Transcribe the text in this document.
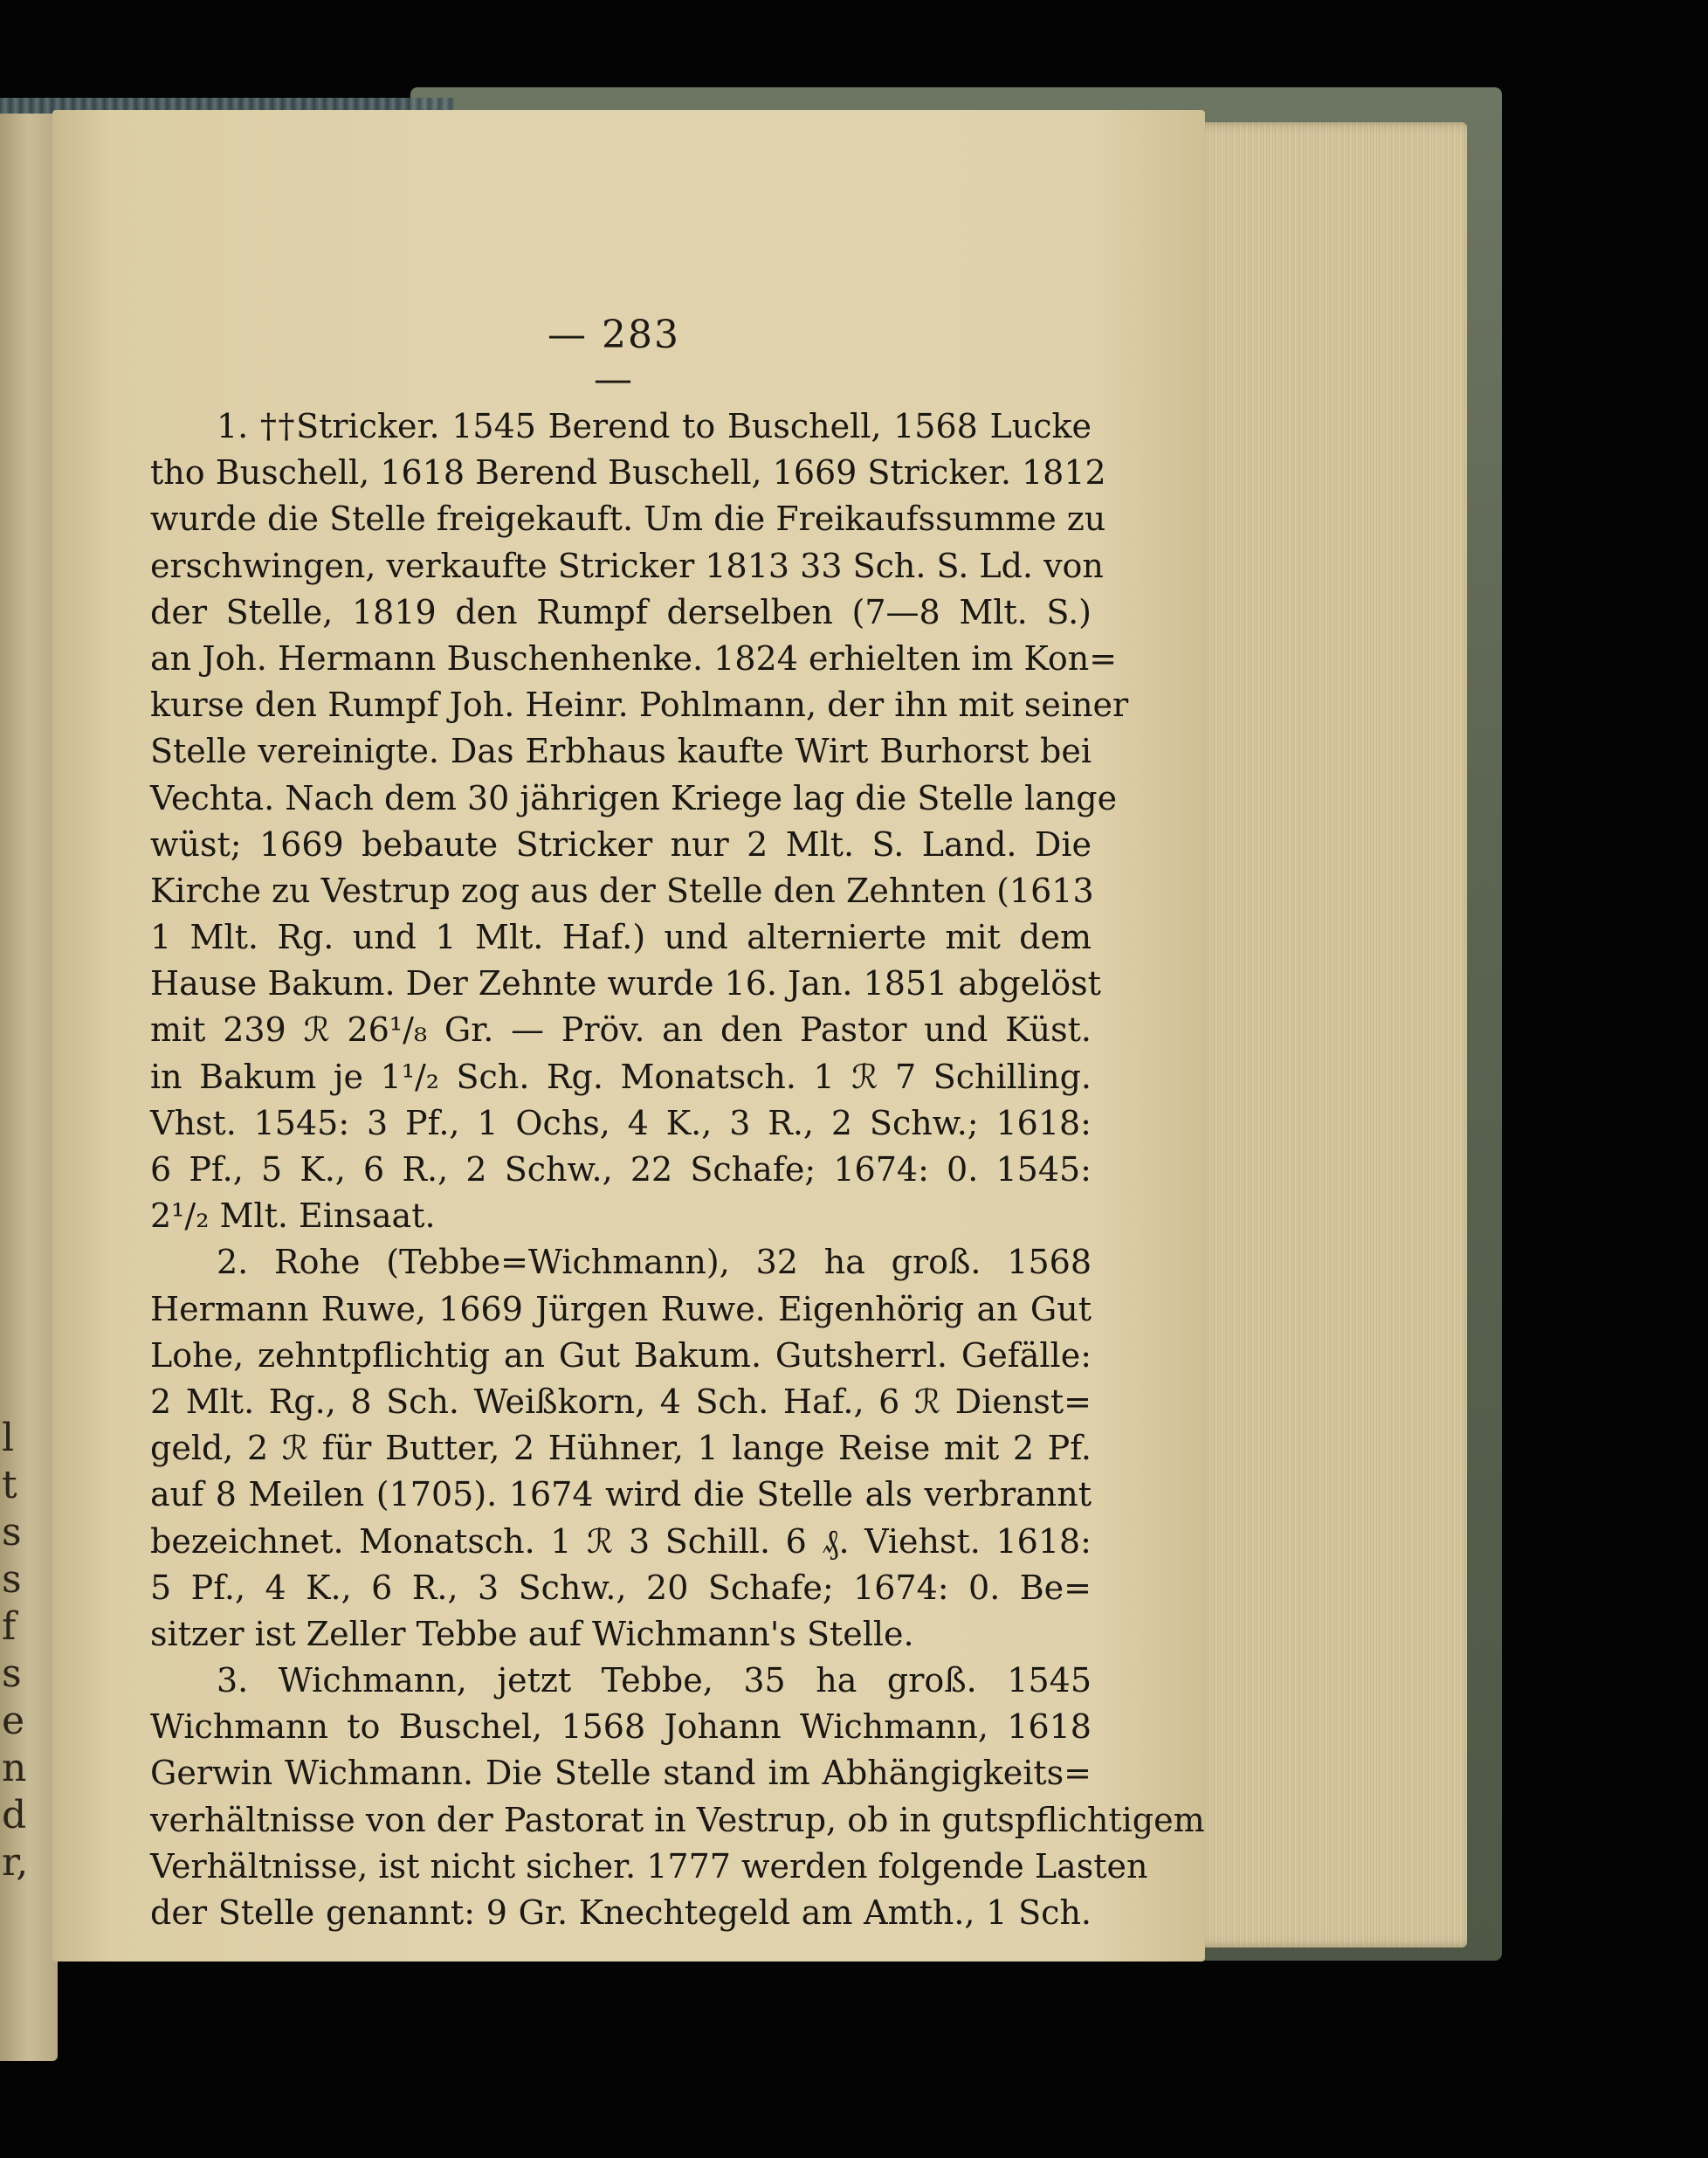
l
t
s
s
f
s
e
n
d
r,
— 283 —
1. ††Stricker. 1545 Berend to Buschell, 1568 Lucke
tho Buschell, 1618 Berend Buschell, 1669 Stricker. 1812
wurde die Stelle freigekauft. Um die Freikaufssumme zu
erschwingen, verkaufte Stricker 1813 33 Sch. S. Ld. von
der Stelle, 1819 den Rumpf derselben (7—8 Mlt. S.)
an Joh. Hermann Buschenhenke. 1824 erhielten im Kon=
kurse den Rumpf Joh. Heinr. Pohlmann, der ihn mit seiner
Stelle vereinigte. Das Erbhaus kaufte Wirt Burhorst bei
Vechta. Nach dem 30 jährigen Kriege lag die Stelle lange
wüst; 1669 bebaute Stricker nur 2 Mlt. S. Land. Die
Kirche zu Vestrup zog aus der Stelle den Zehnten (1613
1 Mlt. Rg. und 1 Mlt. Haf.) und alternierte mit dem
Hause Bakum. Der Zehnte wurde 16. Jan. 1851 abgelöst
mit 239 ℛ 26¹/₈ Gr. — Pröv. an den Pastor und Küst.
in Bakum je 1¹/₂ Sch. Rg. Monatsch. 1 ℛ 7 Schilling.
Vhst. 1545: 3 Pf., 1 Ochs, 4 K., 3 R., 2 Schw.; 1618:
6 Pf., 5 K., 6 R., 2 Schw., 22 Schafe; 1674: 0. 1545:
2¹/₂ Mlt. Einsaat.
2. Rohe (Tebbe=Wichmann), 32 ha groß. 1568
Hermann Ruwe, 1669 Jürgen Ruwe. Eigenhörig an Gut
Lohe, zehntpflichtig an Gut Bakum. Gutsherrl. Gefälle:
2 Mlt. Rg., 8 Sch. Weißkorn, 4 Sch. Haf., 6 ℛ Dienst=
geld, 2 ℛ für Butter, 2 Hühner, 1 lange Reise mit 2 Pf.
auf 8 Meilen (1705). 1674 wird die Stelle als verbrannt
bezeichnet. Monatsch. 1 ℛ 3 Schill. 6 ₰. Viehst. 1618:
5 Pf., 4 K., 6 R., 3 Schw., 20 Schafe; 1674: 0. Be=
sitzer ist Zeller Tebbe auf Wichmann's Stelle.
3. Wichmann, jetzt Tebbe, 35 ha groß. 1545
Wichmann to Buschel, 1568 Johann Wichmann, 1618
Gerwin Wichmann. Die Stelle stand im Abhängigkeits=
verhältnisse von der Pastorat in Vestrup, ob in gutspflichtigem
Verhältnisse, ist nicht sicher. 1777 werden folgende Lasten
der Stelle genannt: 9 Gr. Knechtegeld am Amth., 1 Sch.
